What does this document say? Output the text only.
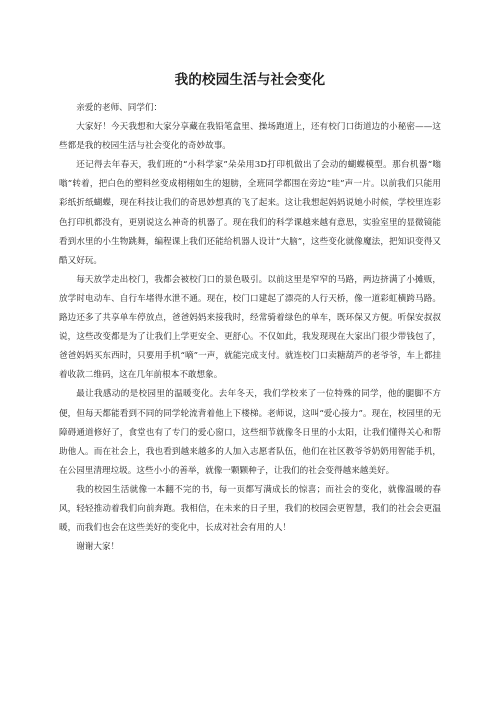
我的校园生活与社会变化

亲爱的老师、同学们：

大家好！今天我想和大家分享藏在我铅笔盒里、操场跑道上，还有校门口街道边的小秘密——这些都是我的校园生活与社会变化的奇妙故事。

还记得去年春天，我们班的“小科学家”朵朵用3D打印机做出了会动的蝴蝶模型。那台机器“嗡嗡”转着，把白色的塑料丝变成栩栩如生的翅膀，全班同学都围在旁边“哇”声一片。以前我们只能用彩纸折纸蝴蝶，现在科技让我们的奇思妙想真的飞了起来。这让我想起妈妈说她小时候，学校里连彩色打印机都没有，更别说这么神奇的机器了。现在我们的科学课越来越有意思，实验室里的显微镜能看到水里的小生物跳舞，编程课上我们还能给机器人设计“大脑”，这些变化就像魔法，把知识变得又酷又好玩。

每天放学走出校门，我都会被校门口的景色吸引。以前这里是窄窄的马路，两边挤满了小摊贩，放学时电动车、自行车堵得水泄不通。现在，校门口建起了漂亮的人行天桥，像一道彩虹横跨马路。路边还多了共享单车停放点，爸爸妈妈来接我时，经常骑着绿色的单车，既环保又方便。听保安叔叔说，这些改变都是为了让我们上学更安全、更舒心。不仅如此，我发现现在大家出门很少带钱包了，爸爸妈妈买东西时，只要用手机“嘀”一声，就能完成支付。就连校门口卖糖葫芦的老爷爷，车上都挂着收款二维码，这在几年前根本不敢想象。

最让我感动的是校园里的温暖变化。去年冬天，我们学校来了一位特殊的同学，他的腿脚不方便，但每天都能看到不同的同学轮流背着他上下楼梯。老师说，这叫“爱心接力”。现在，校园里的无障碍通道修好了，食堂也有了专门的爱心窗口，这些细节就像冬日里的小太阳，让我们懂得关心和帮助他人。而在社会上，我也看到越来越多的人加入志愿者队伍，他们在社区教爷爷奶奶用智能手机，在公园里清理垃圾。这些小小的善举，就像一颗颗种子，让我们的社会变得越来越美好。

我的校园生活就像一本翻不完的书，每一页都写满成长的惊喜；而社会的变化，就像温暖的春风，轻轻推动着我们向前奔跑。我相信，在未来的日子里，我们的校园会更智慧，我们的社会会更温暖，而我们也会在这些美好的变化中，长成对社会有用的人！

谢谢大家！
